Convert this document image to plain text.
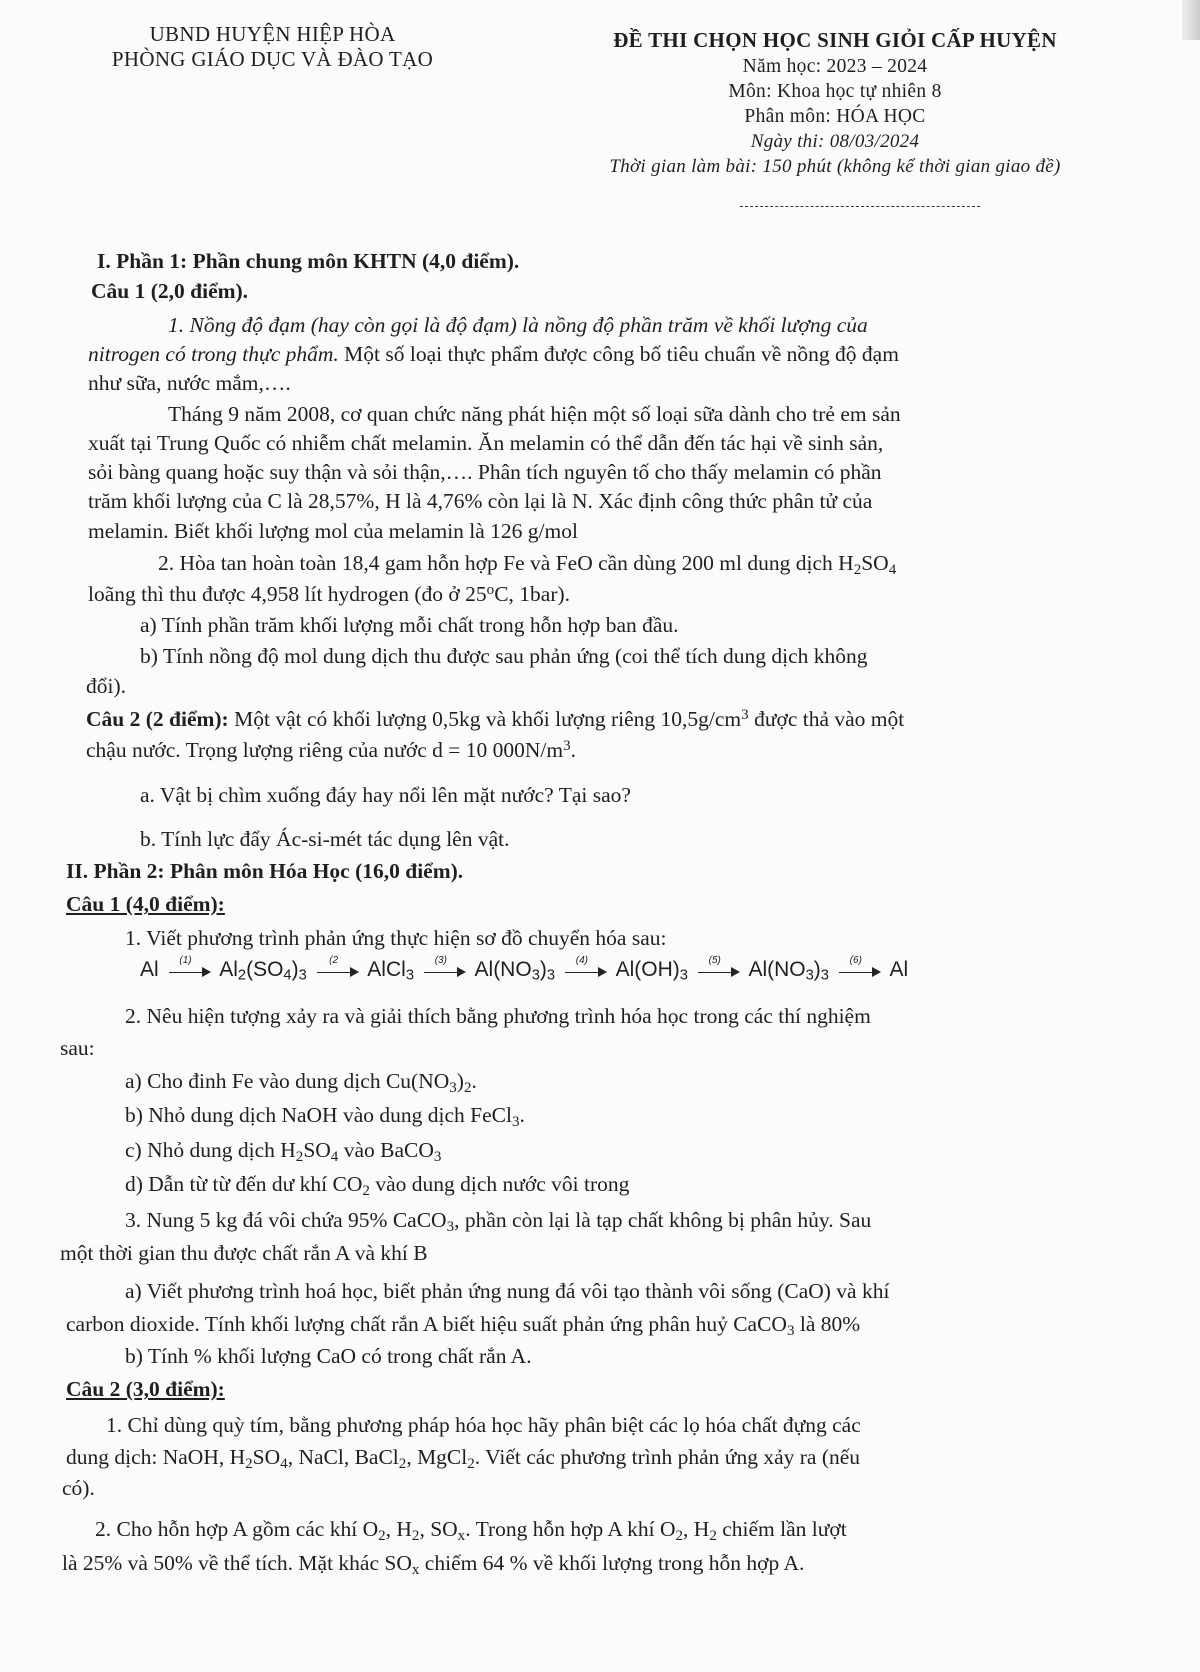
UBND HUYỆN HIỆP HÒA
PHÒNG GIÁO DỤC VÀ ĐÀO TẠO
ĐỀ THI CHỌN HỌC SINH GIỎI CẤP HUYỆN
Năm học: 2023 – 2024
Môn: Khoa học tự nhiên 8
Phân môn: HÓA HỌC
Ngày thi: 08/03/2024
Thời gian làm bài: 150 phút (không kể thời gian giao đề)
I. Phần 1: Phần chung môn KHTN (4,0 điểm).
Câu 1 (2,0 điểm).
1. Nồng độ đạm (hay còn gọi là độ đạm) là nồng độ phần trăm về khối lượng của
nitrogen có trong thực phẩm. Một số loại thực phẩm được công bố tiêu chuẩn về nồng độ đạm
như sữa, nước mắm,….
Tháng 9 năm 2008, cơ quan chức năng phát hiện một số loại sữa dành cho trẻ em sản
xuất tại Trung Quốc có nhiễm chất melamin. Ăn melamin có thể dẫn đến tác hại về sinh sản,
sỏi bàng quang hoặc suy thận và sỏi thận,…. Phân tích nguyên tố cho thấy melamin có phần
trăm khối lượng của C là 28,57%, H là 4,76% còn lại là N. Xác định công thức phân tử của
melamin. Biết khối lượng mol của melamin là 126 g/mol
2. Hòa tan hoàn toàn 18,4 gam hỗn hợp Fe và FeO cần dùng 200 ml dung dịch $H_2SO_4$
loãng thì thu được 4,958 lít hydrogen (đo ở 25$^o$C, 1bar).
a) Tính phần trăm khối lượng mỗi chất trong hỗn hợp ban đầu.
b) Tính nồng độ mol dung dịch thu được sau phản ứng (coi thể tích dung dịch không
đổi).
Câu 2 (2 điểm): Một vật có khối lượng 0,5kg và khối lượng riêng $10,5g/cm^3$ được thả vào một
chậu nước. Trọng lượng riêng của nước d = 10 $000N/m^3$.
a. Vật bị chìm xuống đáy hay nổi lên mặt nước? Tại sao?
b. Tính lực đẩy Ác-si-mét tác dụng lên vật.
II. Phần 2: Phân môn Hóa Học (16,0 điểm).
Câu 1 (4,0 điểm):
1. Viết phương trình phản ứng thực hiện sơ đồ chuyển hóa sau:
Al	(1)	$Al_2(SO_4)_3$
(2	AlCl$_3$
(3)	$Al(NO_3)_3$
(4)	$Al(OH)_3$
(5)	$Al(NO_3)_3$
(6)	Al
2. Nêu hiện tượng xảy ra và giải thích bằng phương trình hóa học trong các thí nghiệm
sau:
a) Cho đinh Fe vào dung dịch $Cu(NO_3)_2$.
b) Nhỏ dung dịch NaOH vào dung dịch FeCl$_3$.
c) Nhỏ dung dịch $H_2SO_4$ vào BaCO$_3$
d) Dẫn từ từ đến dư khí $CO_2$ vào dung dịch nước vôi trong
3. Nung 5 kg đá vôi chứa 95% CaCO$_3$, phần còn lại là tạp chất không bị phân hủy. Sau
một thời gian thu được chất rắn A và khí B
a) Viết phương trình hoá học, biết phản ứng nung đá vôi tạo thành vôi sống (CaO) và khí
carbon dioxide. Tính khối lượng chất rắn A biết hiệu suất phản ứng phân huỷ CaCO$_3$ là 80%
b) Tính % khối lượng CaO có trong chất rắn A.
Câu 2 (3,0 điểm):
1. Chỉ dùng quỳ tím, bằng phương pháp hóa học hãy phân biệt các lọ hóa chất đựng các
dung dịch: NaOH, $H_2SO_4$, NaCl, BaCl$_2$, MgCl$_2$. Viết các phương trình phản ứng xảy ra (nếu
có).
2. Cho hỗn hợp A gồm các khí $O_2$, $H_2$, $SO_x$. Trong hỗn hợp A khí $O_2$, $H_2$ chiếm lần lượt
là 25% và 50% về thể tích. Mặt khác $SO_x$ chiếm 64 % về khối lượng trong hỗn hợp A.
